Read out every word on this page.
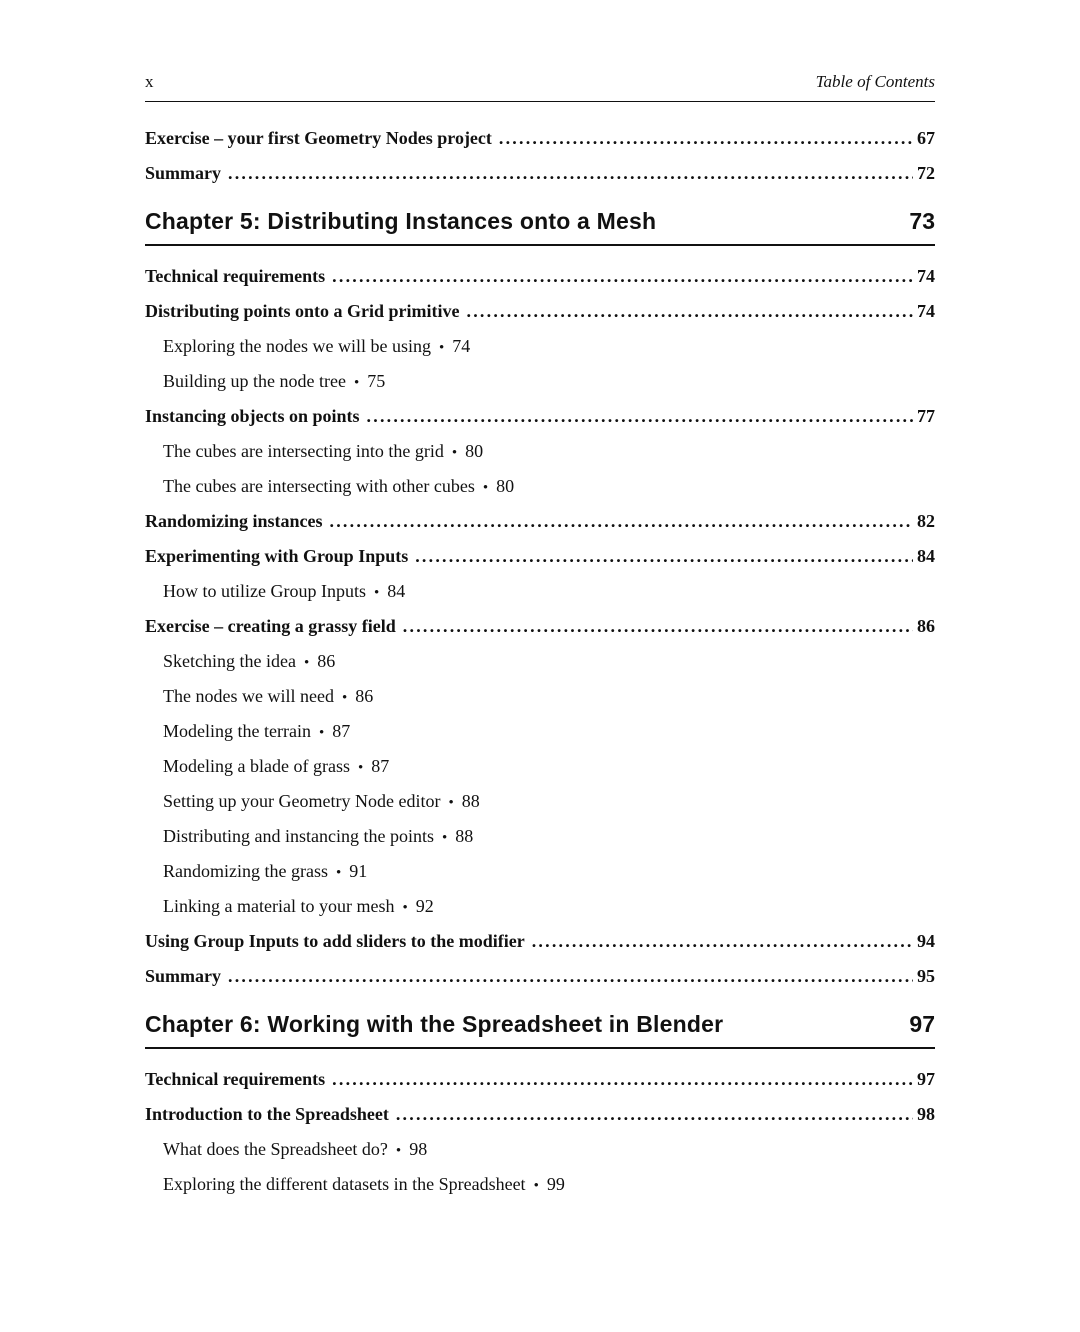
x	Table of Contents
Exercise – your first Geometry Nodes project .....	67
Summary .....	72
Chapter 5: Distributing Instances onto a Mesh	73
Technical requirements .....	74
Distributing points onto a Grid primitive .....	74
Exploring the nodes we will be using • 74
Building up the node tree • 75
Instancing objects on points .....	77
The cubes are intersecting into the grid • 80
The cubes are intersecting with other cubes • 80
Randomizing instances .....	82
Experimenting with Group Inputs .....	84
How to utilize Group Inputs • 84
Exercise – creating a grassy field .....	86
Sketching the idea • 86
The nodes we will need • 86
Modeling the terrain • 87
Modeling a blade of grass • 87
Setting up your Geometry Node editor • 88
Distributing and instancing the points • 88
Randomizing the grass • 91
Linking a material to your mesh • 92
Using Group Inputs to add sliders to the modifier .....	94
Summary .....	95
Chapter 6: Working with the Spreadsheet in Blender	97
Technical requirements .....	97
Introduction to the Spreadsheet .....	98
What does the Spreadsheet do? • 98
Exploring the different datasets in the Spreadsheet • 99
